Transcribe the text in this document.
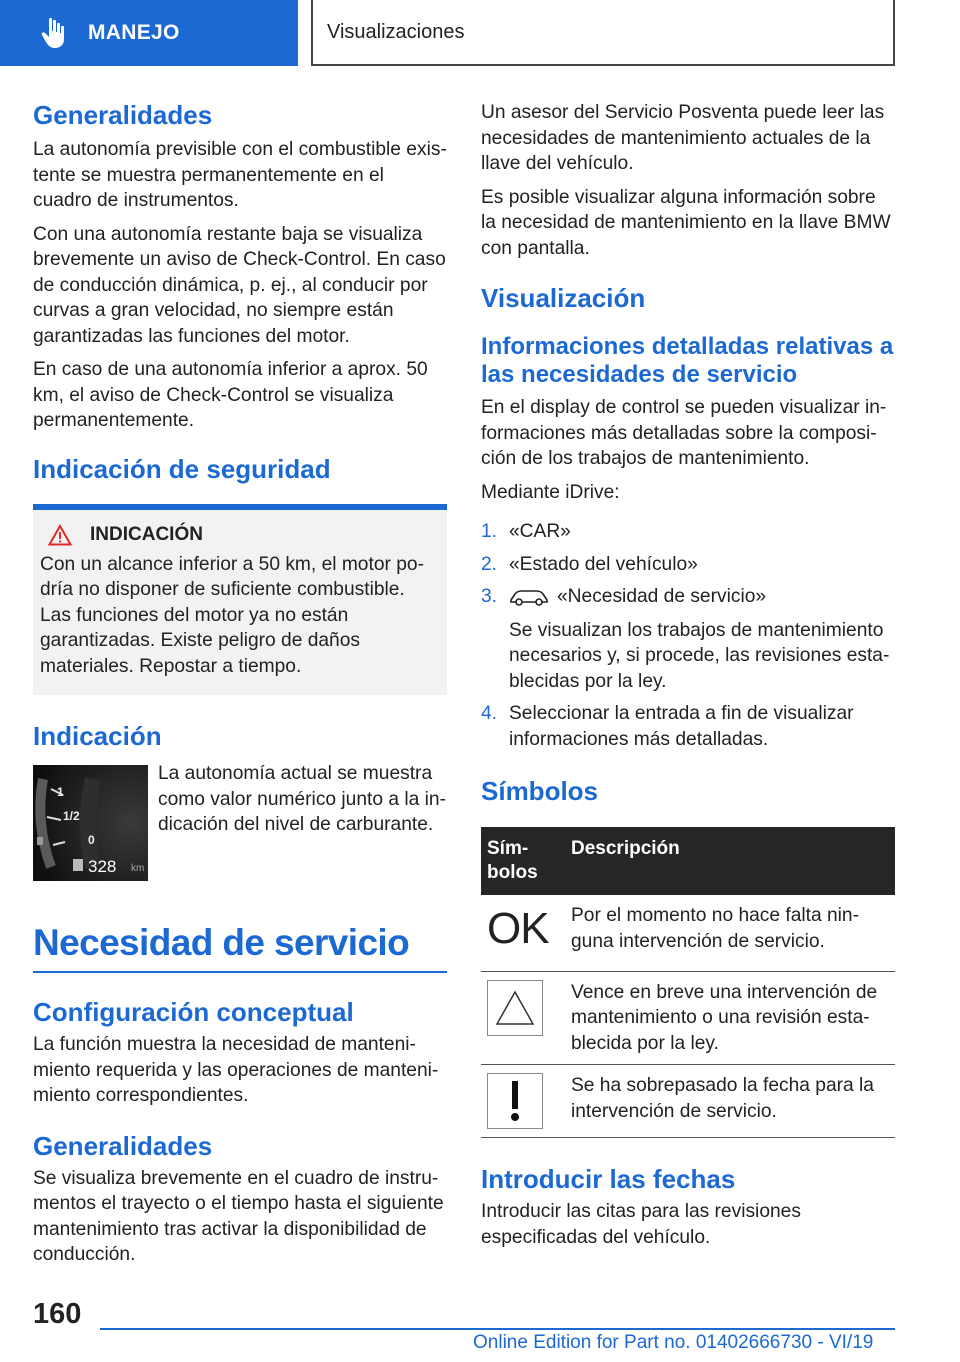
MANEJO	Visualizaciones
Generalidades

La autonomía previsible con el combustible existente se muestra permanentemente en el cuadro de instrumentos.

Con una autonomía restante baja se visualiza brevemente un aviso de Check-Control. En caso de conducción dinámica, p. ej., al conducir por curvas a gran velocidad, no siempre están garantizadas las funciones del motor.

En caso de una autonomía inferior a aprox. 50 km, el aviso de Check-Control se visualiza permanentemente.

Indicación de seguridad
INDICACIÓN

Con un alcance inferior a 50 km, el motor podría no disponer de suficiente combustible. Las funciones del motor ya no están garantizadas. Existe peligro de daños materiales. Repostar a tiempo.

Indicación
1
1/2
0
328 km

La autonomía actual se muestra como valor numérico junto a la indicación del nivel de carburante.

Necesidad de servicio
Configuración conceptual

La función muestra la necesidad de mantenimiento requerida y las operaciones de mantenimiento correspondientes.

Generalidades

Se visualiza brevemente en el cuadro de instrumentos el trayecto o el tiempo hasta el siguiente mantenimiento tras activar la disponibilidad de conducción.

Un asesor del Servicio Posventa puede leer las necesidades de mantenimiento actuales de la llave del vehículo.

Es posible visualizar alguna información sobre la necesidad de mantenimiento en la llave BMW con pantalla.

Visualización
Informaciones detalladas relativas a las necesidades de servicio

En el display de control se pueden visualizar informaciones más detalladas sobre la composición de los trabajos de mantenimiento.

Mediante iDrive:

1. «CAR»
2. «Estado del vehículo»
3.	«Necesidad de servicio»
Se visualizan los trabajos de mantenimiento necesarios y, si procede, las revisiones establecidas por la ley.
4. Seleccionar la entrada a fin de visualizar informaciones más detalladas.
Símbolos
Símbolos	Descripción
OK	Por el momento no hace falta ninguna intervención de servicio.

	Vence en breve una intervención de mantenimiento o una revisión establecida por la ley.

	Se ha sobrepasado la fecha para la intervención de servicio.
Introducir las fechas

Introducir las citas para las revisiones especificadas del vehículo.

160
Online Edition for Part no. 01402666730 - VI/19
